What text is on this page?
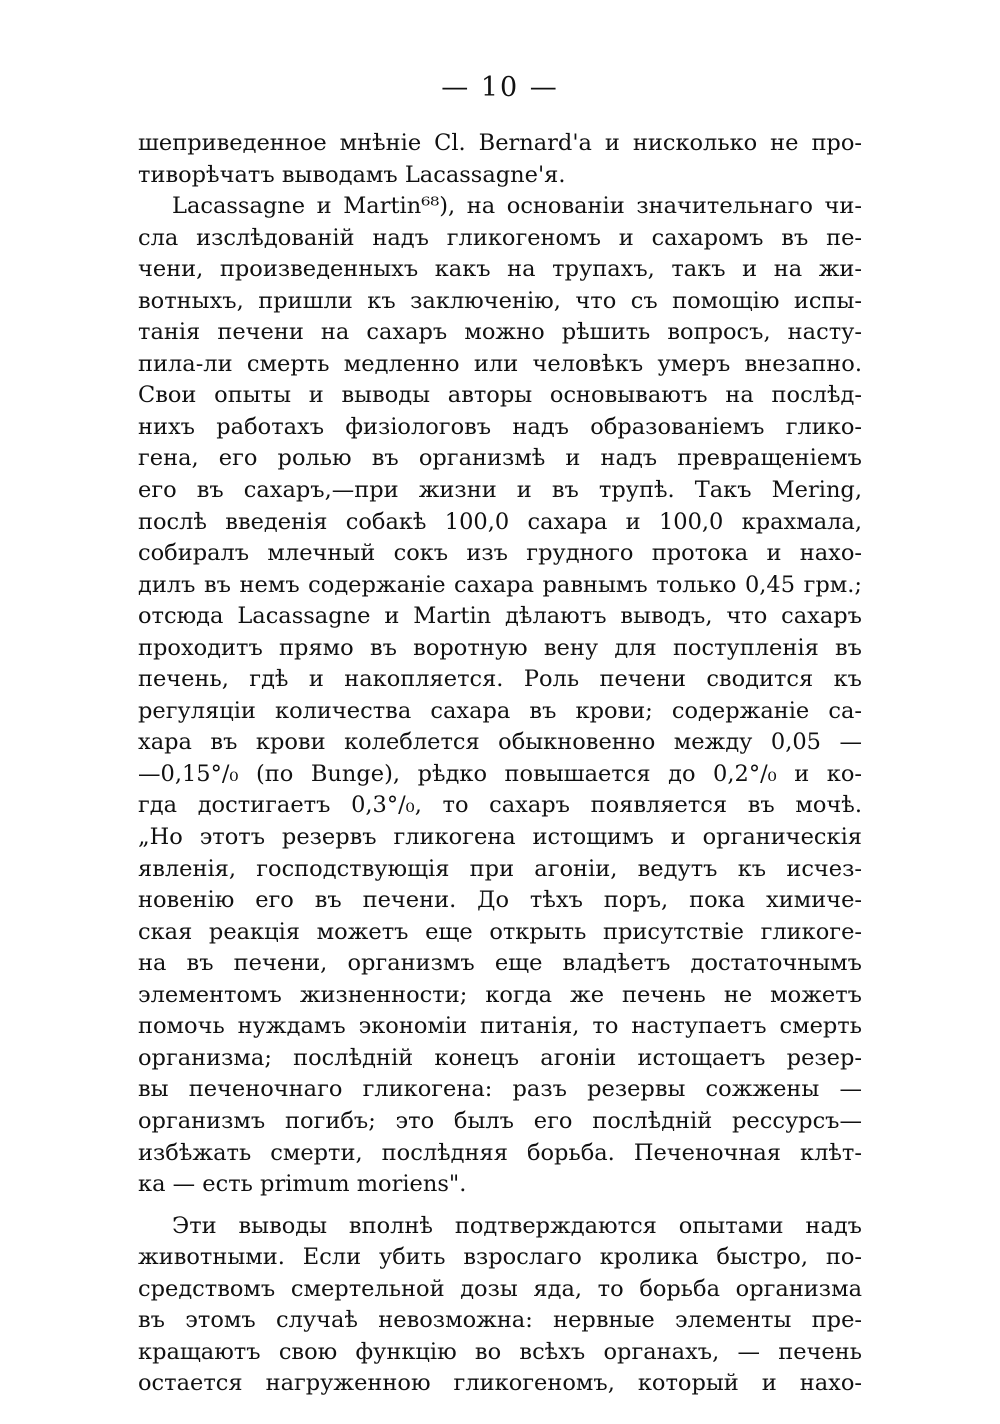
— 10 —
шеприведенное мнѣніе Cl. Bernard'а и нисколько не про-
тиворѣчатъ выводамъ Lacassagne'я.
Lacassagne и Martin⁶⁸), на основаніи значительнаго чи-
сла изслѣдованій надъ гликогеномъ и сахаромъ въ пе-
чени, произведенныхъ какъ на трупахъ, такъ и на жи-
вотныхъ, пришли къ заключенію, что съ помощію испы-
танія печени на сахаръ можно рѣшить вопросъ, насту-
пила-ли смерть медленно или человѣкъ умеръ внезапно.
Свои опыты и выводы авторы основываютъ на послѣд-
нихъ работахъ физіологовъ надъ образованіемъ глико-
гена, его ролью въ организмѣ и надъ превращеніемъ
его въ сахаръ,—при жизни и въ трупѣ. Такъ Mering,
послѣ введенія собакѣ 100,0 сахара и 100,0 крахмала,
собиралъ млечный сокъ изъ грудного протока и нахо-
дилъ въ немъ содержаніе сахара равнымъ только 0,45 грм.;
отсюда Lacassagne и Martin дѣлаютъ выводъ, что сахаръ
проходитъ прямо въ воротную вену для поступленія въ
печень, гдѣ и накопляется. Роль печени сводится къ
регуляціи количества сахара въ крови; содержаніе са-
хара въ крови колеблется обыкновенно между 0,05 —
—0,15°/₀ (по Bunge), рѣдко повышается до 0,2°/₀ и ко-
гда достигаетъ 0,3°/₀, то сахаръ появляется въ мочѣ.
„Но этотъ резервъ гликогена истощимъ и органическія
явленія, господствующія при агоніи, ведутъ къ исчез-
новенію его въ печени. До тѣхъ поръ, пока химиче-
ская реакція можетъ еще открыть присутствіе гликоге-
на въ печени, организмъ еще владѣетъ достаточнымъ
элементомъ жизненности; когда же печень не можетъ
помочь нуждамъ экономіи питанія, то наступаетъ смерть
организма; послѣдній конецъ агоніи истощаетъ резер-
вы печеночнаго гликогена: разъ резервы сожжены —
организмъ погибъ; это былъ его послѣдній рессурсъ—
избѣжать смерти, послѣдняя борьба. Печеночная клѣт-
ка — есть primum moriens".
Эти выводы вполнѣ подтверждаются опытами надъ
животными. Если убить взрослаго кролика быстро, по-
средствомъ смертельной дозы яда, то борьба организма
въ этомъ случаѣ невозможна: нервные элементы пре-
кращаютъ свою функцію во всѣхъ органахъ, — печень
остается нагруженною гликогеномъ, который и нахо-
